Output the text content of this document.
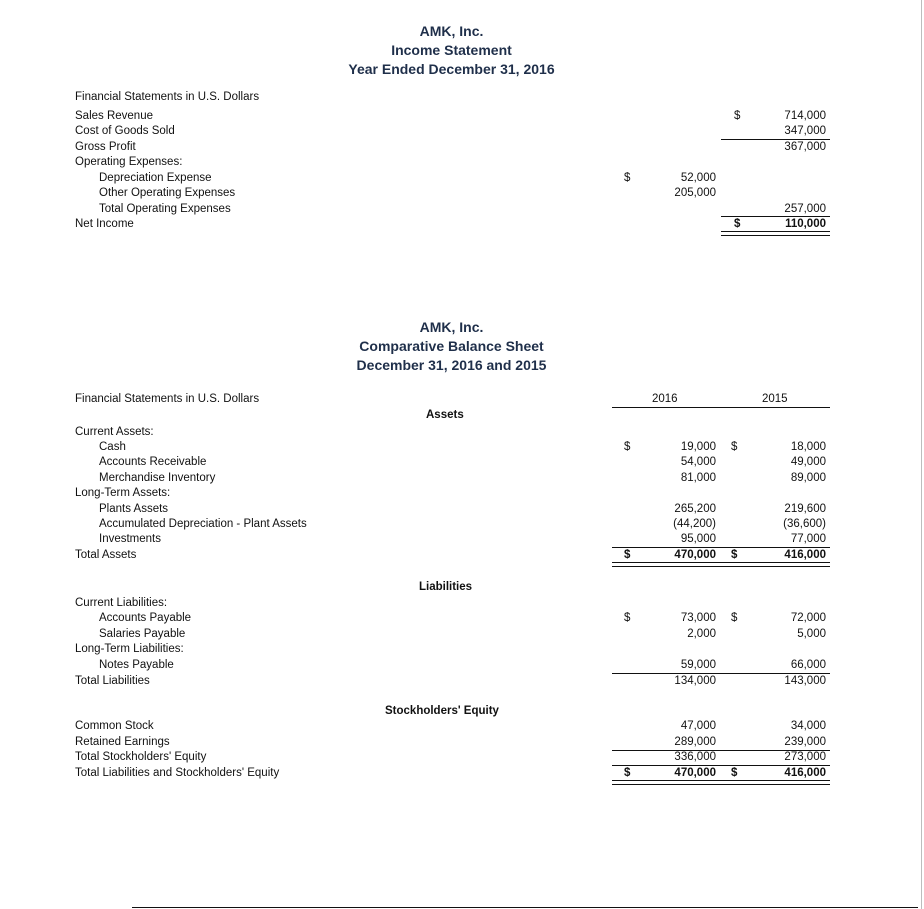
AMK, Inc.
Income Statement
Year Ended December 31, 2016
Financial Statements in U.S. Dollars
Sales Revenue	$	714,000
Cost of Goods Sold	347,000
Gross Profit	367,000
Operating Expenses:
Depreciation Expense	$	52,000
Other Operating Expenses	205,000
Total Operating Expenses	257,000
Net Income	$	110,000
AMK, Inc.
Comparative Balance Sheet
December 31, 2016 and 2015
Financial Statements in U.S. Dollars	2016	2015
Assets
Current Assets:
Cash	$	19,000 $	18,000
Accounts Receivable	54,000	49,000
Merchandise Inventory	81,000	89,000
Long-Term Assets:
Plants Assets	265,200	219,600
Accumulated Depreciation - Plant Assets	(44,200)	(36,600)
Investments	95,000	77,000
Total Assets	$	470,000 $	416,000
Liabilities
Current Liabilities:
Accounts Payable	$	73,000 $	72,000
Salaries Payable	2,000	5,000
Long-Term Liabilities:
Notes Payable	59,000	66,000
Total Liabilities	134,000	143,000
Stockholders' Equity
Common Stock	47,000	34,000
Retained Earnings	289,000	239,000
Total Stockholders' Equity	336,000	273,000
Total Liabilities and Stockholders' Equity	$	470,000 $	416,000
